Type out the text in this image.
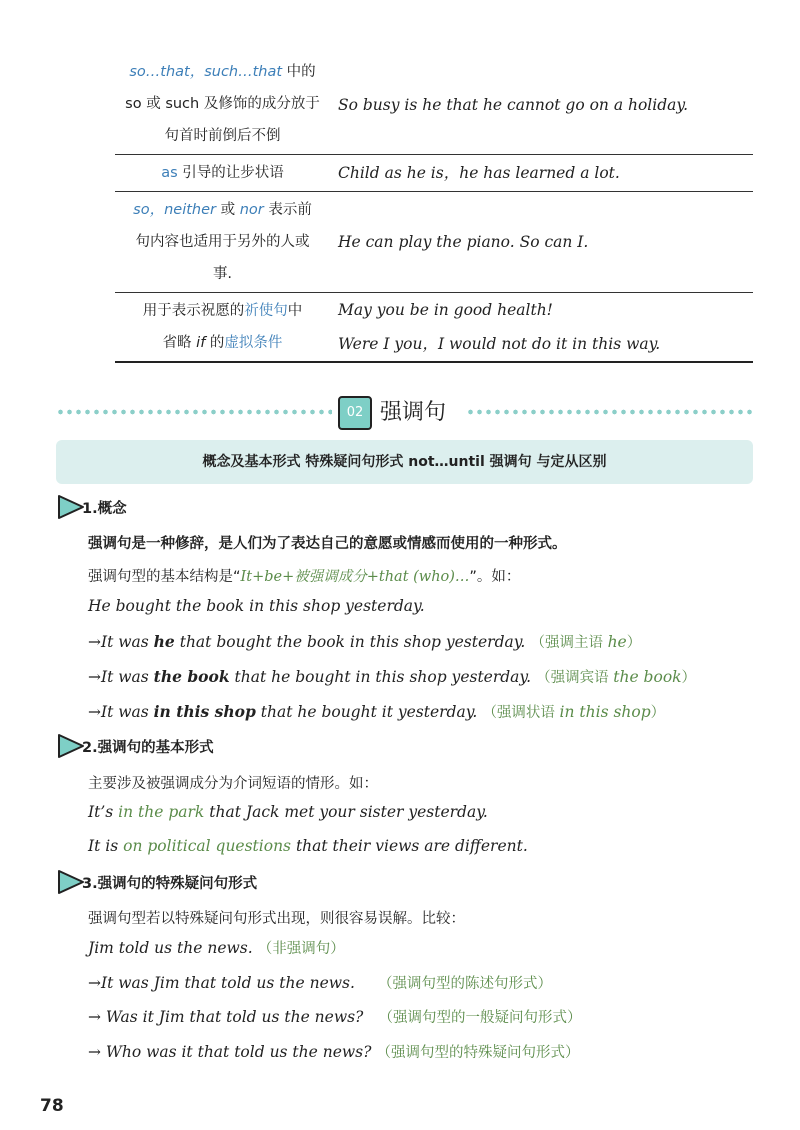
so…that，such…that 中的
so 或 such 及修饰的成分放于
句首时前倒后不倒
So busy is he that he cannot go on a holiday.
as 引导的让步状语	Child as he is，he has learned a lot.
so，neither 或 nor 表示前
句内容也适用于另外的人或
事.
He can play the piano. So can I.
用于表示祝愿的祈使句中
省略 if 的虚拟条件
May you be in good health!
Were I you，I would not do it in this way.
02 强调句
概念及基本形式 特殊疑问句形式 not…until 强调句 与定从区别
1.概念
强调句是一种修辞，是人们为了表达自己的意愿或情感而使用的一种形式。
强调句型的基本结构是“It+be+被强调成分+that (who)…”。如：
He bought the book in this shop yesterday.
→It was he that bought the book in this shop yesterday. （强调主语 he）
→It was the book that he bought in this shop yesterday. （强调宾语 the book）
→It was in this shop that he bought it yesterday. （强调状语 in this shop）
2.强调句的基本形式
主要涉及被强调成分为介词短语的情形。如：
It’s in the park that Jack met your sister yesterday.
It is on political questions that their views are different.
3.强调句的特殊疑问句形式
强调句型若以特殊疑问句形式出现，则很容易误解。比较：
Jim told us the news. （非强调句）
→It was Jim that told us the news. （强调句型的陈述句形式）
→ Was it Jim that told us the news? （强调句型的一般疑问句形式）
→ Who was it that told us the news? （强调句型的特殊疑问句形式）
78
